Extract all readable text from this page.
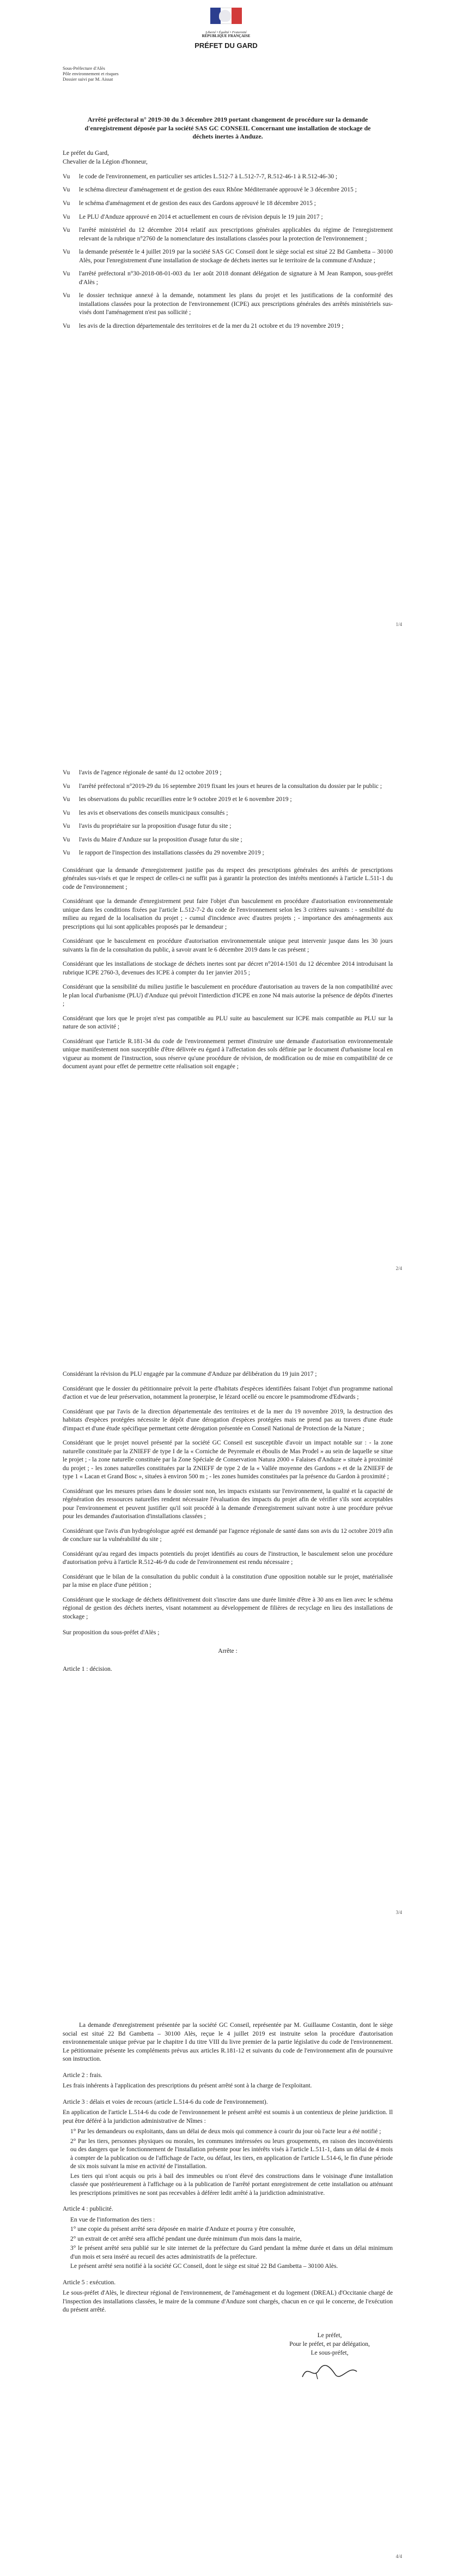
Liberté • Égalité • Fraternité
RÉPUBLIQUE FRANÇAISE
PRÉFET DU GARD
Sous-Préfecture d'Alès
Pôle environnement et risques
Dossier suivi par M. Aissat
Arrêté préfectoral n° 2019-30 du 3 décembre 2019 portant changement de procédure sur la demande d'enregistrement déposée par la société SAS GC CONSEIL Concernant une installation de stockage de déchets inertes à Anduze.
Le préfet du Gard,
Chevalier de la Légion d'honneur,
Vu	le code de l'environnement, en particulier ses articles L.512-7 à L.512-7-7, R.512-46-1 à R.512-46-30 ;
Vu	le schéma directeur d'aménagement et de gestion des eaux Rhône Méditerranée approuvé le 3 décembre 2015 ;
Vu	le schéma d'aménagement et de gestion des eaux des Gardons approuvé le 18 décembre 2015 ;
Vu	Le PLU d'Anduze approuvé en 2014 et actuellement en cours de révision depuis le 19 juin 2017 ;
Vu	l'arrêté ministériel du 12 décembre 2014 relatif aux prescriptions générales applicables du régime de l'enregistrement relevant de la rubrique n°2760 de la nomenclature des installations classées pour la protection de l'environnement ;
Vu	la demande présentée le 4 juillet 2019 par la société SAS GC Conseil dont le siège social est situé 22 Bd Gambetta – 30100 Alès, pour l'enregistrement d'une installation de stockage de déchets inertes sur le territoire de la commune d'Anduze ;
Vu	l'arrêté préfectoral n°30-2018-08-01-003 du 1er août 2018 donnant délégation de signature à M Jean Rampon, sous-préfet d'Alès ;
Vu	le dossier technique annexé à la demande, notamment les plans du projet et les justifications de la conformité des installations classées pour la protection de l'environnement (ICPE) aux prescriptions générales des arrêtés ministériels sus-visés dont l'aménagement n'est pas sollicité ;
Vu	les avis de la direction départementale des territoires et de la mer du 21 octobre et du 19 novembre 2019 ;
1/4
Vu	l'avis de l'agence régionale de santé du 12 octobre 2019 ;
Vu	l'arrêté préfectoral n°2019-29 du 16 septembre 2019 fixant les jours et heures de la consultation du dossier par le public ;
Vu	les observations du public recueillies entre le 9 octobre 2019 et le 6 novembre 2019 ;
Vu	les avis et observations des conseils municipaux consultés ;
Vu	l'avis du propriétaire sur la proposition d'usage futur du site ;
Vu	l'avis du Maire d'Anduze sur la proposition d'usage futur du site ;
Vu	le rapport de l'inspection des installations classées du 29 novembre 2019 ;
Considérant que la demande d'enregistrement justifie pas du respect des prescriptions générales des arrêtés de prescriptions générales sus-visés et que le respect de celles-ci ne suffit pas à garantir la protection des intérêts mentionnés à l'article L.511-1 du code de l'environnement ;
Considérant que la demande d'enregistrement peut faire l'objet d'un basculement en procédure d'autorisation environnementale unique dans les conditions fixées par l'article L.512-7-2 du code de l'environnement selon les 3 critères suivants : - sensibilité du milieu au regard de la localisation du projet ; - cumul d'incidence avec d'autres projets ; - importance des aménagements aux prescriptions qui lui sont applicables proposés par le demandeur ;
Considérant que le basculement en procédure d'autorisation environnementale unique peut intervenir jusque dans les 30 jours suivants la fin de la consultation du public, à savoir avant le 6 décembre 2019 dans le cas présent ;
Considérant que les installations de stockage de déchets inertes sont par décret n°2014-1501 du 12 décembre 2014 introduisant la rubrique ICPE 2760-3, devenues des ICPE à compter du 1er janvier 2015 ;
Considérant que la sensibilité du milieu justifie le basculement en procédure d'autorisation au travers de la non compatibilité avec le plan local d'urbanisme (PLU) d'Anduze qui prévoit l'interdiction d'ICPE en zone N4 mais autorise la présence de dépôts d'inertes ;
Considérant que lors que le projet n'est pas compatible au PLU suite au basculement sur ICPE mais compatible au PLU sur la nature de son activité ;
Considérant que l'article R.181-34 du code de l'environnement permet d'instruire une demande d'autorisation environnementale unique manifestement non susceptible d'être délivrée eu égard à l'affectation des sols définie par le document d'urbanisme local en vigueur au moment de l'instruction, sous réserve qu'une procédure de révision, de modification ou de mise en compatibilité de ce document ayant pour effet de permettre cette réalisation soit engagée ;
2/4
Considérant la révision du PLU engagée par la commune d'Anduze par délibération du 19 juin 2017 ;
Considérant que le dossier du pétitionnaire prévoit la perte d'habitats d'espèces identifiées faisant l'objet d'un programme national d'action et vue de leur préservation, notamment la pronerpise, le lézard ocellé ou encore le psammodrome d'Edwards ;
Considérant que par l'avis de la direction départementale des territoires et de la mer du 19 novembre 2019, la destruction des habitats d'espèces protégées nécessite le dépôt d'une dérogation d'espèces protégées mais ne prend pas au travers d'une étude d'impact et d'une étude spécifique permettant cette dérogation présentée en Conseil National de Protection de la Nature ;
Considérant que le projet nouvel présenté par la société GC Conseil est susceptible d'avoir un impact notable sur : - la zone naturelle constituée par la ZNIEFF de type I de la « Corniche de Peyremale et éboulis de Mas Prodel » au sein de laquelle se situe le projet ; - la zone naturelle constituée par la Zone Spéciale de Conservation Natura 2000 « Falaises d'Anduze » située à proximité du projet ; - les zones naturelles constituées par la ZNIEFF de type 2 de la « Vallée moyenne des Gardons » et de la ZNIEFF de type 1 « Lacan et Grand Bosc », situées à environ 500 m ; - les zones humides constituées par la présence du Gardon à proximité ;
Considérant que les mesures prises dans le dossier sont non, les impacts existants sur l'environnement, la qualité et la capacité de régénération des ressources naturelles rendent nécessaire l'évaluation des impacts du projet afin de vérifier s'ils sont acceptables pour l'environnement et peuvent justifier qu'il soit procédé à la demande d'enregistrement suivant notre à une procédure prévue pour les demandes d'autorisation d'installations classées ;
Considérant que l'avis d'un hydrogéologue agréé est demandé par l'agence régionale de santé dans son avis du 12 octobre 2019 afin de conclure sur la vulnérabilité du site ;
Considérant qu'au regard des impacts potentiels du projet identifiés au cours de l'instruction, le basculement selon une procédure d'autorisation prévu à l'article R.512-46-9 du code de l'environnement est rendu nécessaire ;
Considérant que le bilan de la consultation du public conduit à la constitution d'une opposition notable sur le projet, matérialisée par la mise en place d'une pétition ;
Considérant que le stockage de déchets définitivement doit s'inscrire dans une durée limitée d'être à 30 ans en lien avec le schéma régional de gestion des déchets inertes, visant notamment au développement de filières de recyclage en lieu des installations de stockage ;
Sur proposition du sous-préfet d'Alès ;
Arrête :
Article 1 : décision.
3/4
La demande d'enregistrement présentée par la société GC Conseil, représentée par M. Guillaume Costantin, dont le siège social est situé 22 Bd Gambetta – 30100 Alès, reçue le 4 juillet 2019 est instruite selon la procédure d'autorisation environnementale unique prévue par le chapitre I du titre VIII du livre premier de la partie législative du code de l'environnement. Le pétitionnaire présente les compléments prévus aux articles R.181-12 et suivants du code de l'environnement afin de poursuivre son instruction.
Article 2 : frais.
Les frais inhérents à l'application des prescriptions du présent arrêté sont à la charge de l'exploitant.
Article 3 : délais et voies de recours (article L.514-6 du code de l'environnement).
En application de l'article L.514-6 du code de l'environnement le présent arrêté est soumis à un contentieux de pleine juridiction. Il peut être déféré à la juridiction administrative de Nîmes :
1° Par les demandeurs ou exploitants, dans un délai de deux mois qui commence à courir du jour où l'acte leur a été notifié ;
2° Par les tiers, personnes physiques ou morales, les communes intéressées ou leurs groupements, en raison des inconvénients ou des dangers que le fonctionnement de l'installation présente pour les intérêts visés à l'article L.511-1, dans un délai de 4 mois à compter de la publication ou de l'affichage de l'acte, ou défaut, les tiers, en application de l'article L.514-6, le fin d'une période de six mois suivant la mise en activité de l'installation.
Les tiers qui n'ont acquis ou pris à bail des immeubles ou n'ont élevé des constructions dans le voisinage d'une installation classée que postérieurement à l'affichage ou à la publication de l'arrêté portant enregistrement de cette installation ou atténuant les prescriptions primitives ne sont pas recevables à déférer ledit arrêté à la juridiction administrative.
Article 4 : publicité.
En vue de l'information des tiers :
1° une copie du présent arrêté sera déposée en mairie d'Anduze et pourra y être consultée,
2° un extrait de cet arrêté sera affiché pendant une durée minimum d'un mois dans la mairie,
3° le présent arrêté sera publié sur le site internet de la préfecture du Gard pendant la même durée et dans un délai minimum d'un mois et sera inséré au recueil des actes administratifs de la préfecture.
Le présent arrêté sera notifié à la société GC Conseil, dont le siège est situé 22 Bd Gambetta – 30100 Alès.
Article 5 : exécution.
Le sous-préfet d'Alès, le directeur régional de l'environnement, de l'aménagement et du logement (DREAL) d'Occitanie chargé de l'inspection des installations classées, le maire de la commune d'Anduze sont chargés, chacun en ce qui le concerne, de l'exécution du présent arrêté.
Le préfet,
Pour le préfet, et par délégation,
Le sous-préfet,
4/4
